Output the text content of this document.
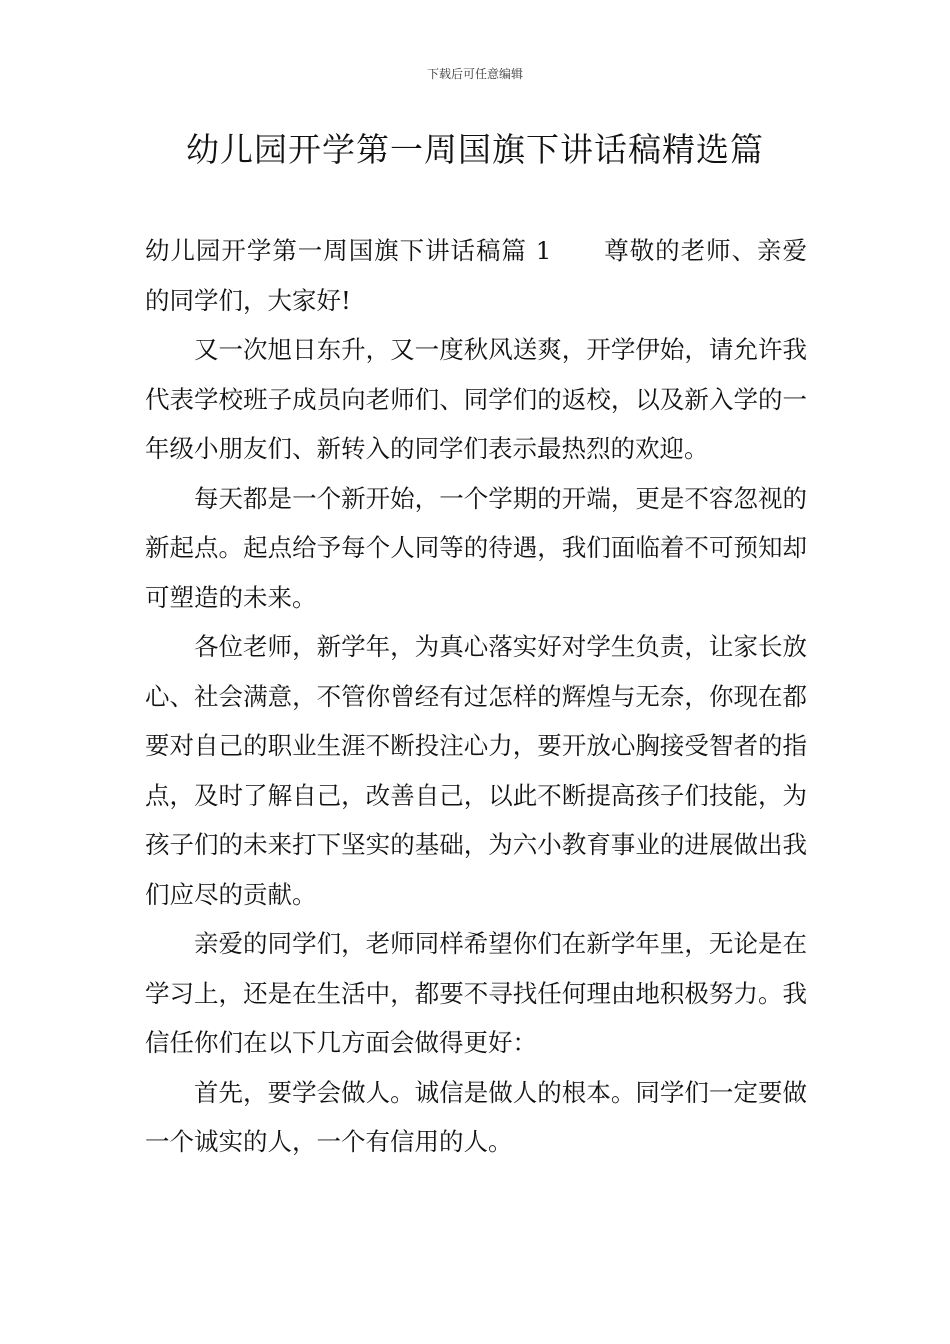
下载后可任意编辑
幼儿园开学第一周国旗下讲话稿精选篇

幼儿园开学第一周国旗下讲话稿篇 1 尊敬的老师、亲爱的同学们，大家好!

又一次旭日东升，又一度秋风送爽，开学伊始，请允许我代表学校班子成员向老师们、同学们的返校，以及新入学的一年级小朋友们、新转入的同学们表示最热烈的欢迎。

每天都是一个新开始，一个学期的开端，更是不容忽视的新起点。起点给予每个人同等的待遇，我们面临着不可预知却可塑造的未来。

各位老师，新学年，为真心落实好对学生负责，让家长放心、社会满意，不管你曾经有过怎样的辉煌与无奈，你现在都要对自己的职业生涯不断投注心力，要开放心胸接受智者的指点，及时了解自己，改善自己，以此不断提高孩子们技能，为孩子们的未来打下坚实的基础，为六小教育事业的进展做出我们应尽的贡献。

亲爱的同学们，老师同样希望你们在新学年里，无论是在学习上，还是在生活中，都要不寻找任何理由地积极努力。我信任你们在以下几方面会做得更好：

首先，要学会做人。诚信是做人的根本。同学们一定要做一个诚实的人，一个有信用的人。
